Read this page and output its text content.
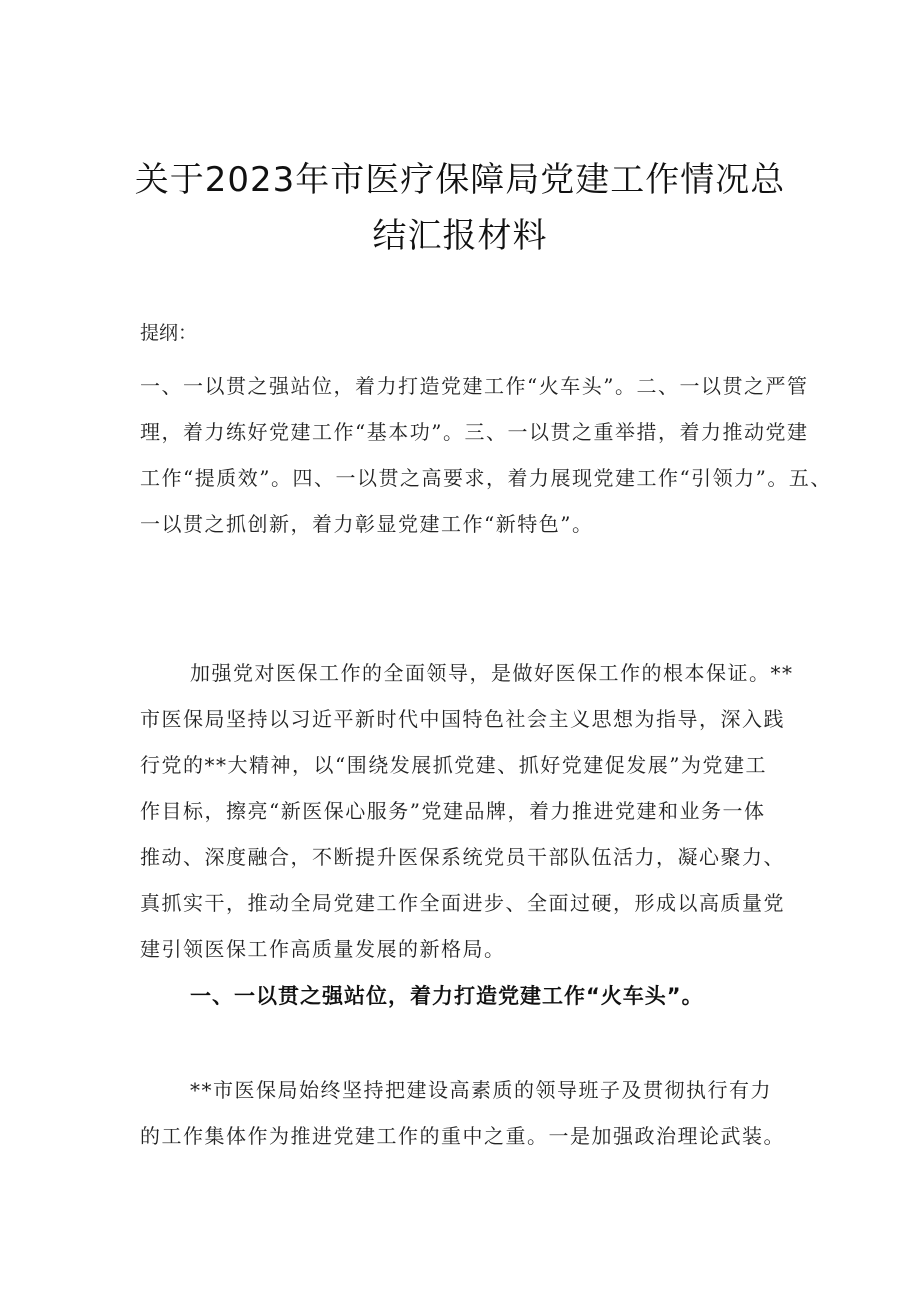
关于2023年市医疗保障局党建工作情况总
结汇报材料
提纲：
一、一以贯之强站位，着力打造党建工作“火车头”。二、一以贯之严管
理，着力练好党建工作“基本功”。三、一以贯之重举措，着力推动党建
工作“提质效”。四、一以贯之高要求，着力展现党建工作“引领力”。五、
一以贯之抓创新，着力彰显党建工作“新特色”。
加强党对医保工作的全面领导，是做好医保工作的根本保证。**
市医保局坚持以习近平新时代中国特色社会主义思想为指导，深入践
行党的**大精神，以“围绕发展抓党建、抓好党建促发展”为党建工
作目标，擦亮“新医保心服务”党建品牌，着力推进党建和业务一体
推动、深度融合，不断提升医保系统党员干部队伍活力，凝心聚力、
真抓实干，推动全局党建工作全面进步、全面过硬，形成以高质量党
建引领医保工作高质量发展的新格局。
一、一以贯之强站位，着力打造党建工作“火车头”。
**市医保局始终坚持把建设高素质的领导班子及贯彻执行有力
的工作集体作为推进党建工作的重中之重。一是加强政治理论武装。
